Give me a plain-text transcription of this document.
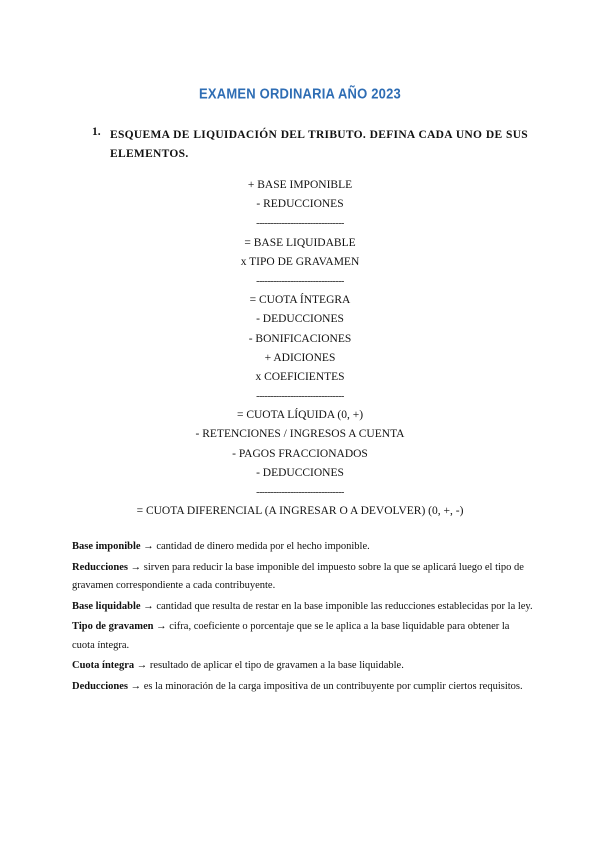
EXAMEN ORDINARIA AÑO 2023
1. ESQUEMA DE LIQUIDACIÓN DEL TRIBUTO. DEFINA CADA UNO DE SUS ELEMENTOS.
+ BASE IMPONIBLE
- REDUCCIONES
-------------------------------
= BASE LIQUIDABLE
x TIPO DE GRAVAMEN
-------------------------------
= CUOTA ÍNTEGRA
- DEDUCCIONES
- BONIFICACIONES
+ ADICIONES
x COEFICIENTES
-------------------------------
= CUOTA LÍQUIDA (0, +)
- RETENCIONES / INGRESOS A CUENTA
- PAGOS FRACCIONADOS
- DEDUCCIONES
-------------------------------
= CUOTA DIFERENCIAL (A INGRESAR O A DEVOLVER) (0, +, -)

Base imponible → cantidad de dinero medida por el hecho imponible.

Reducciones → sirven para reducir la base imponible del impuesto sobre la que se aplicará luego el tipo de gravamen correspondiente a cada contribuyente.

Base liquidable → cantidad que resulta de restar en la base imponible las reducciones establecidas por la ley.

Tipo de gravamen → cifra, coeficiente o porcentaje que se le aplica a la base liquidable para obtener la cuota íntegra.

Cuota íntegra → resultado de aplicar el tipo de gravamen a la base liquidable.

Deducciones → es la minoración de la carga impositiva de un contribuyente por cumplir ciertos requisitos.
